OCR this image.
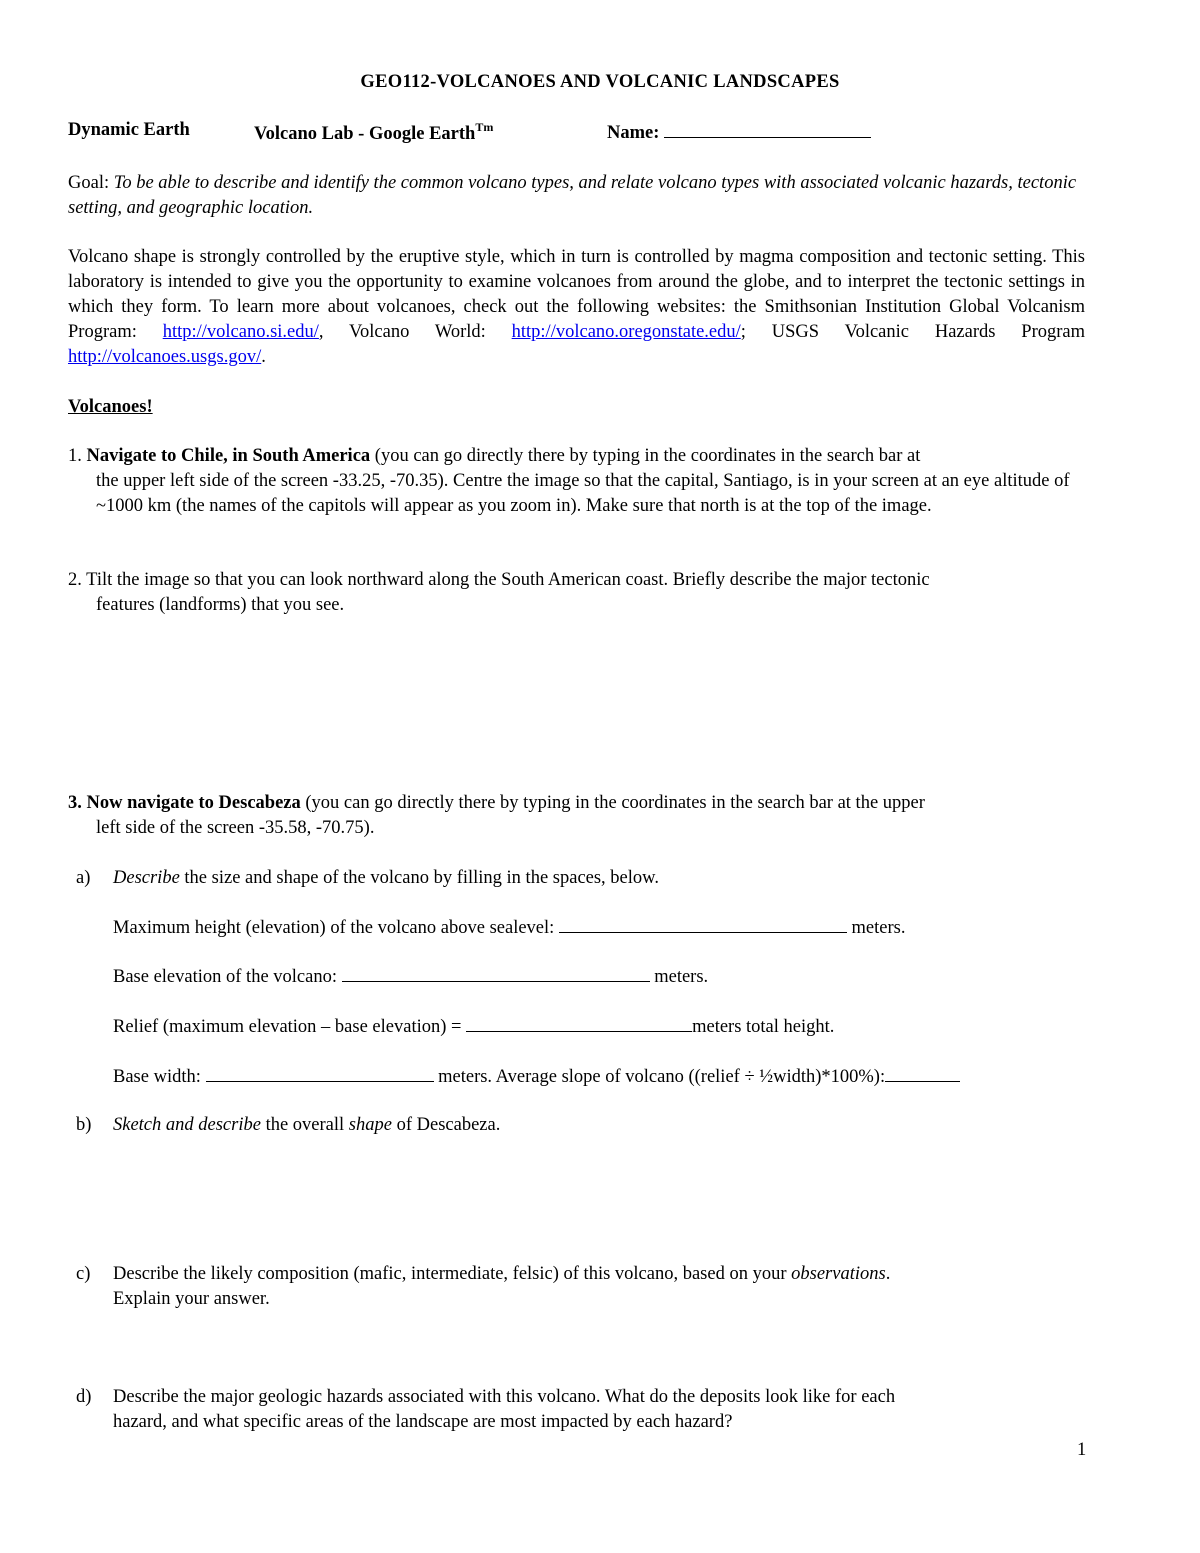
GEO112-VOLCANOES AND VOLCANIC LANDSCAPES
Dynamic Earth	Volcano Lab - Google Earth$^{Tm}$	Name:
Goal: To be able to describe and identify the common volcano types, and relate volcano types with associated volcanic hazards, tectonic setting, and geographic location.
Volcano shape is strongly controlled by the eruptive style, which in turn is controlled by magma composition and tectonic setting. This laboratory is intended to give you the opportunity to examine volcanoes from around the globe, and to interpret the tectonic settings in which they form. To learn more about volcanoes, check out the following websites: the Smithsonian Institution Global Volcanism Program: http://volcano.si.edu/, Volcano World: http://volcano.oregonstate.edu/; USGS Volcanic Hazards Program http://volcanoes.usgs.gov/.
Volcanoes!
1. Navigate to Chile, in South America (you can go directly there by typing in the coordinates in the search bar at
the upper left side of the screen -33.25, -70.35). Centre the image so that the capital, Santiago, is in your screen at an eye altitude of ~1000 km (the names of the capitols will appear as you zoom in). Make sure that north is at the top of the image.
2. Tilt the image so that you can look northward along the South American coast. Briefly describe the major tectonic
features (landforms) that you see.
3. Now navigate to Descabeza (you can go directly there by typing in the coordinates in the search bar at the upper
left side of the screen -35.58, -70.75).
a) Describe the size and shape of the volcano by filling in the spaces, below.
Maximum height (elevation) of the volcano above sealevel:	meters.
Base elevation of the volcano:	meters.
Relief (maximum elevation – base elevation) =	meters total height.
Base width:	meters. Average slope of volcano ((relief ÷ ½width)*100%):
b) Sketch and describe the overall shape of Descabeza.
c) Describe the likely composition (mafic, intermediate, felsic) of this volcano, based on your observations.
Explain your answer.
d) Describe the major geologic hazards associated with this volcano. What do the deposits look like for each
hazard, and what specific areas of the landscape are most impacted by each hazard?
1
